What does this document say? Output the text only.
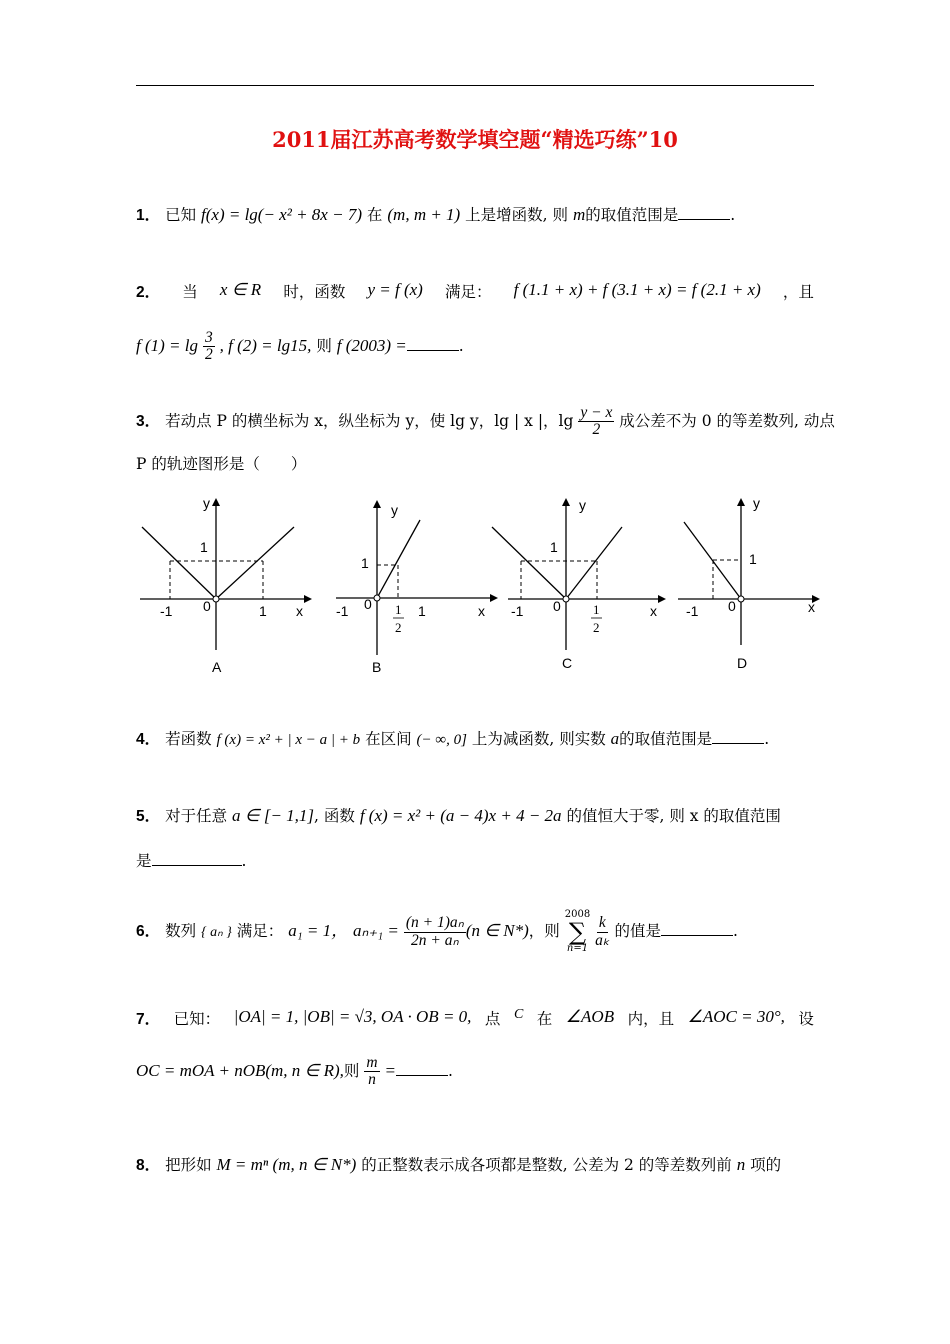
2011届江苏高考数学填空题“精选巧练”10
1． 已知 f(x) = lg(− x² + 8x − 7) 在 (m, m + 1) 上是增函数, 则 m的取值范围是	.
2． 当 x ∈ R 时，函数 y = f (x) 满足： f (1.1 + x) + f (3.1 + x) = f (2.1 + x) ，且
f $(1) = \lg \frac{3}{2}$ , f (2) = lg15, 则 f (2003) =	.
3． 若动点 P 的横坐标为 x，纵坐标为 y，使 lg y，lg | x |，$\lg \frac{y - x}{2}$ 成公差不为 0 的等差数列, 动点
P 的轨迹图形是（　　）
y
1
0
-1	1 x
A
y
1
0
-1	1
2
1	x
B
y
1
0
-1	1
2
x
C
y
1
0
-1	x
D
4． 若函数 f (x) = x² + | x − a | + b 在区间 (− ∞, 0] 上为减函数, 则实数 a的取值范围是	.
5． 对于任意 a ∈ [− 1,1], 函数 f (x) = x² + (a − 4)x + 4 − 2a 的值恒大于零, 则 x 的取值范围
是	.
6． 数列 { aₙ } 满足： a₁ = 1， $a_{n+1} = \frac{\text{(n + 1)aₙ}}{\text{2n + aₙ}} (n$ ∈ N*)，则
2008
∑
n=1
$\frac{k}{\text{aₖ}}$ 的值是	.
7． 已知： |OA| = 1, |OB| = √3, OA · OB = 0, 点 C 在 ∠AOB 内，且 ∠AOC = 30°, 设
OC = mOA + nOB(m, n ∈ R),则 $\frac{m}{n}$ =	.
8． 把形如 M = mⁿ (m, n ∈ N*) 的正整数表示成各项都是整数, 公差为 2 的等差数列前 n 项的
